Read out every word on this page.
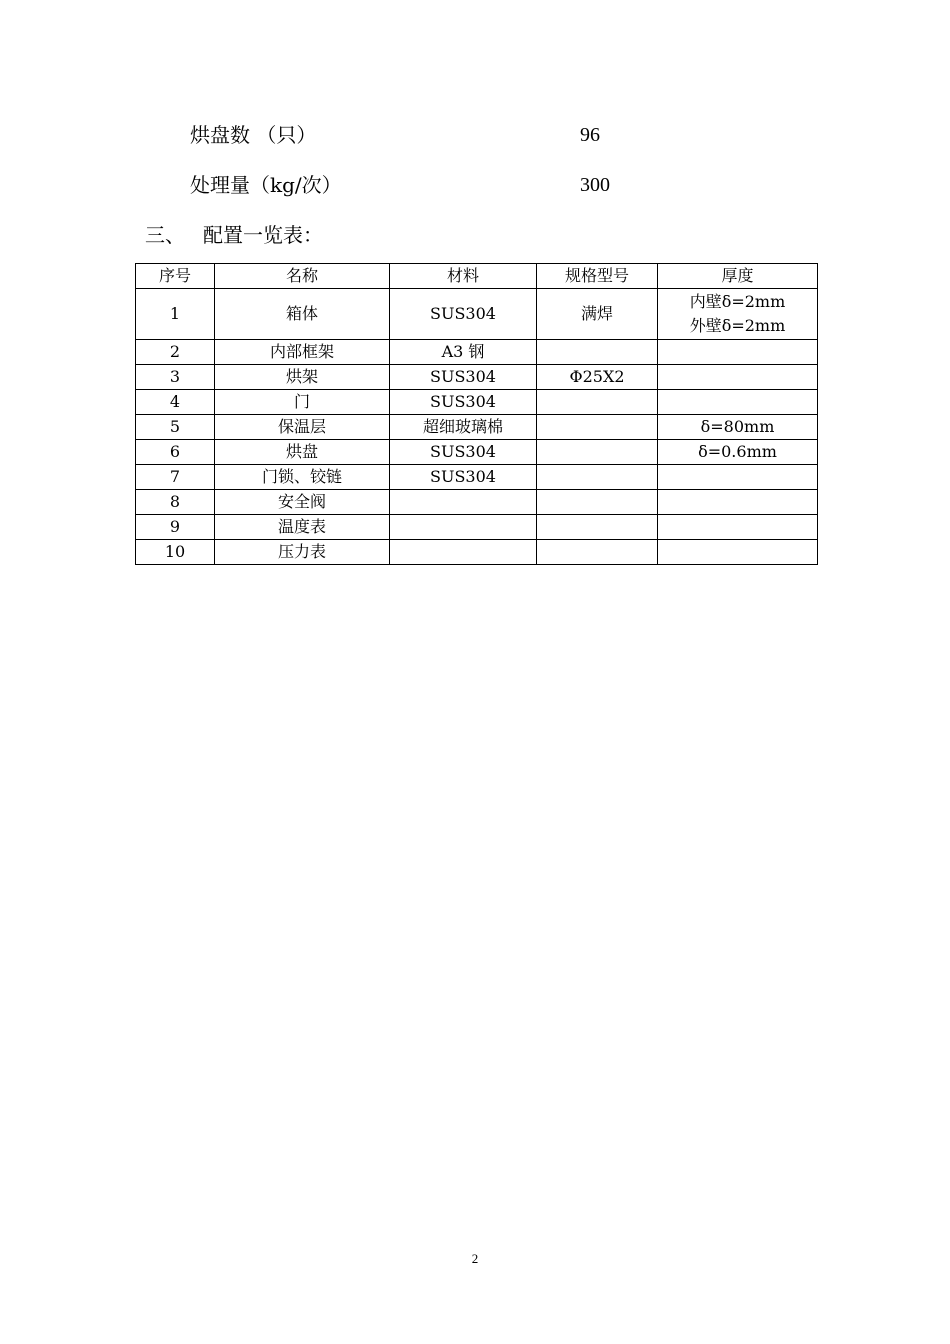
烘盘数 （只）	96
处理量（kg/次）	300
三、 配置一览表：
序号	名称	材料	规格型号	厚度
1	箱体	SUS304	满焊	内壁δ=2mm
外壁δ=2mm

2	内部框架	A3 钢		
3	烘架	SUS304	Φ25X2	
4	门	SUS304		
5	保温层	超细玻璃棉		δ=80mm
6	烘盘	SUS304		δ=0.6mm
7	门锁、铰链	SUS304		
8	安全阀			
9	温度表			
10	压力表			
2
